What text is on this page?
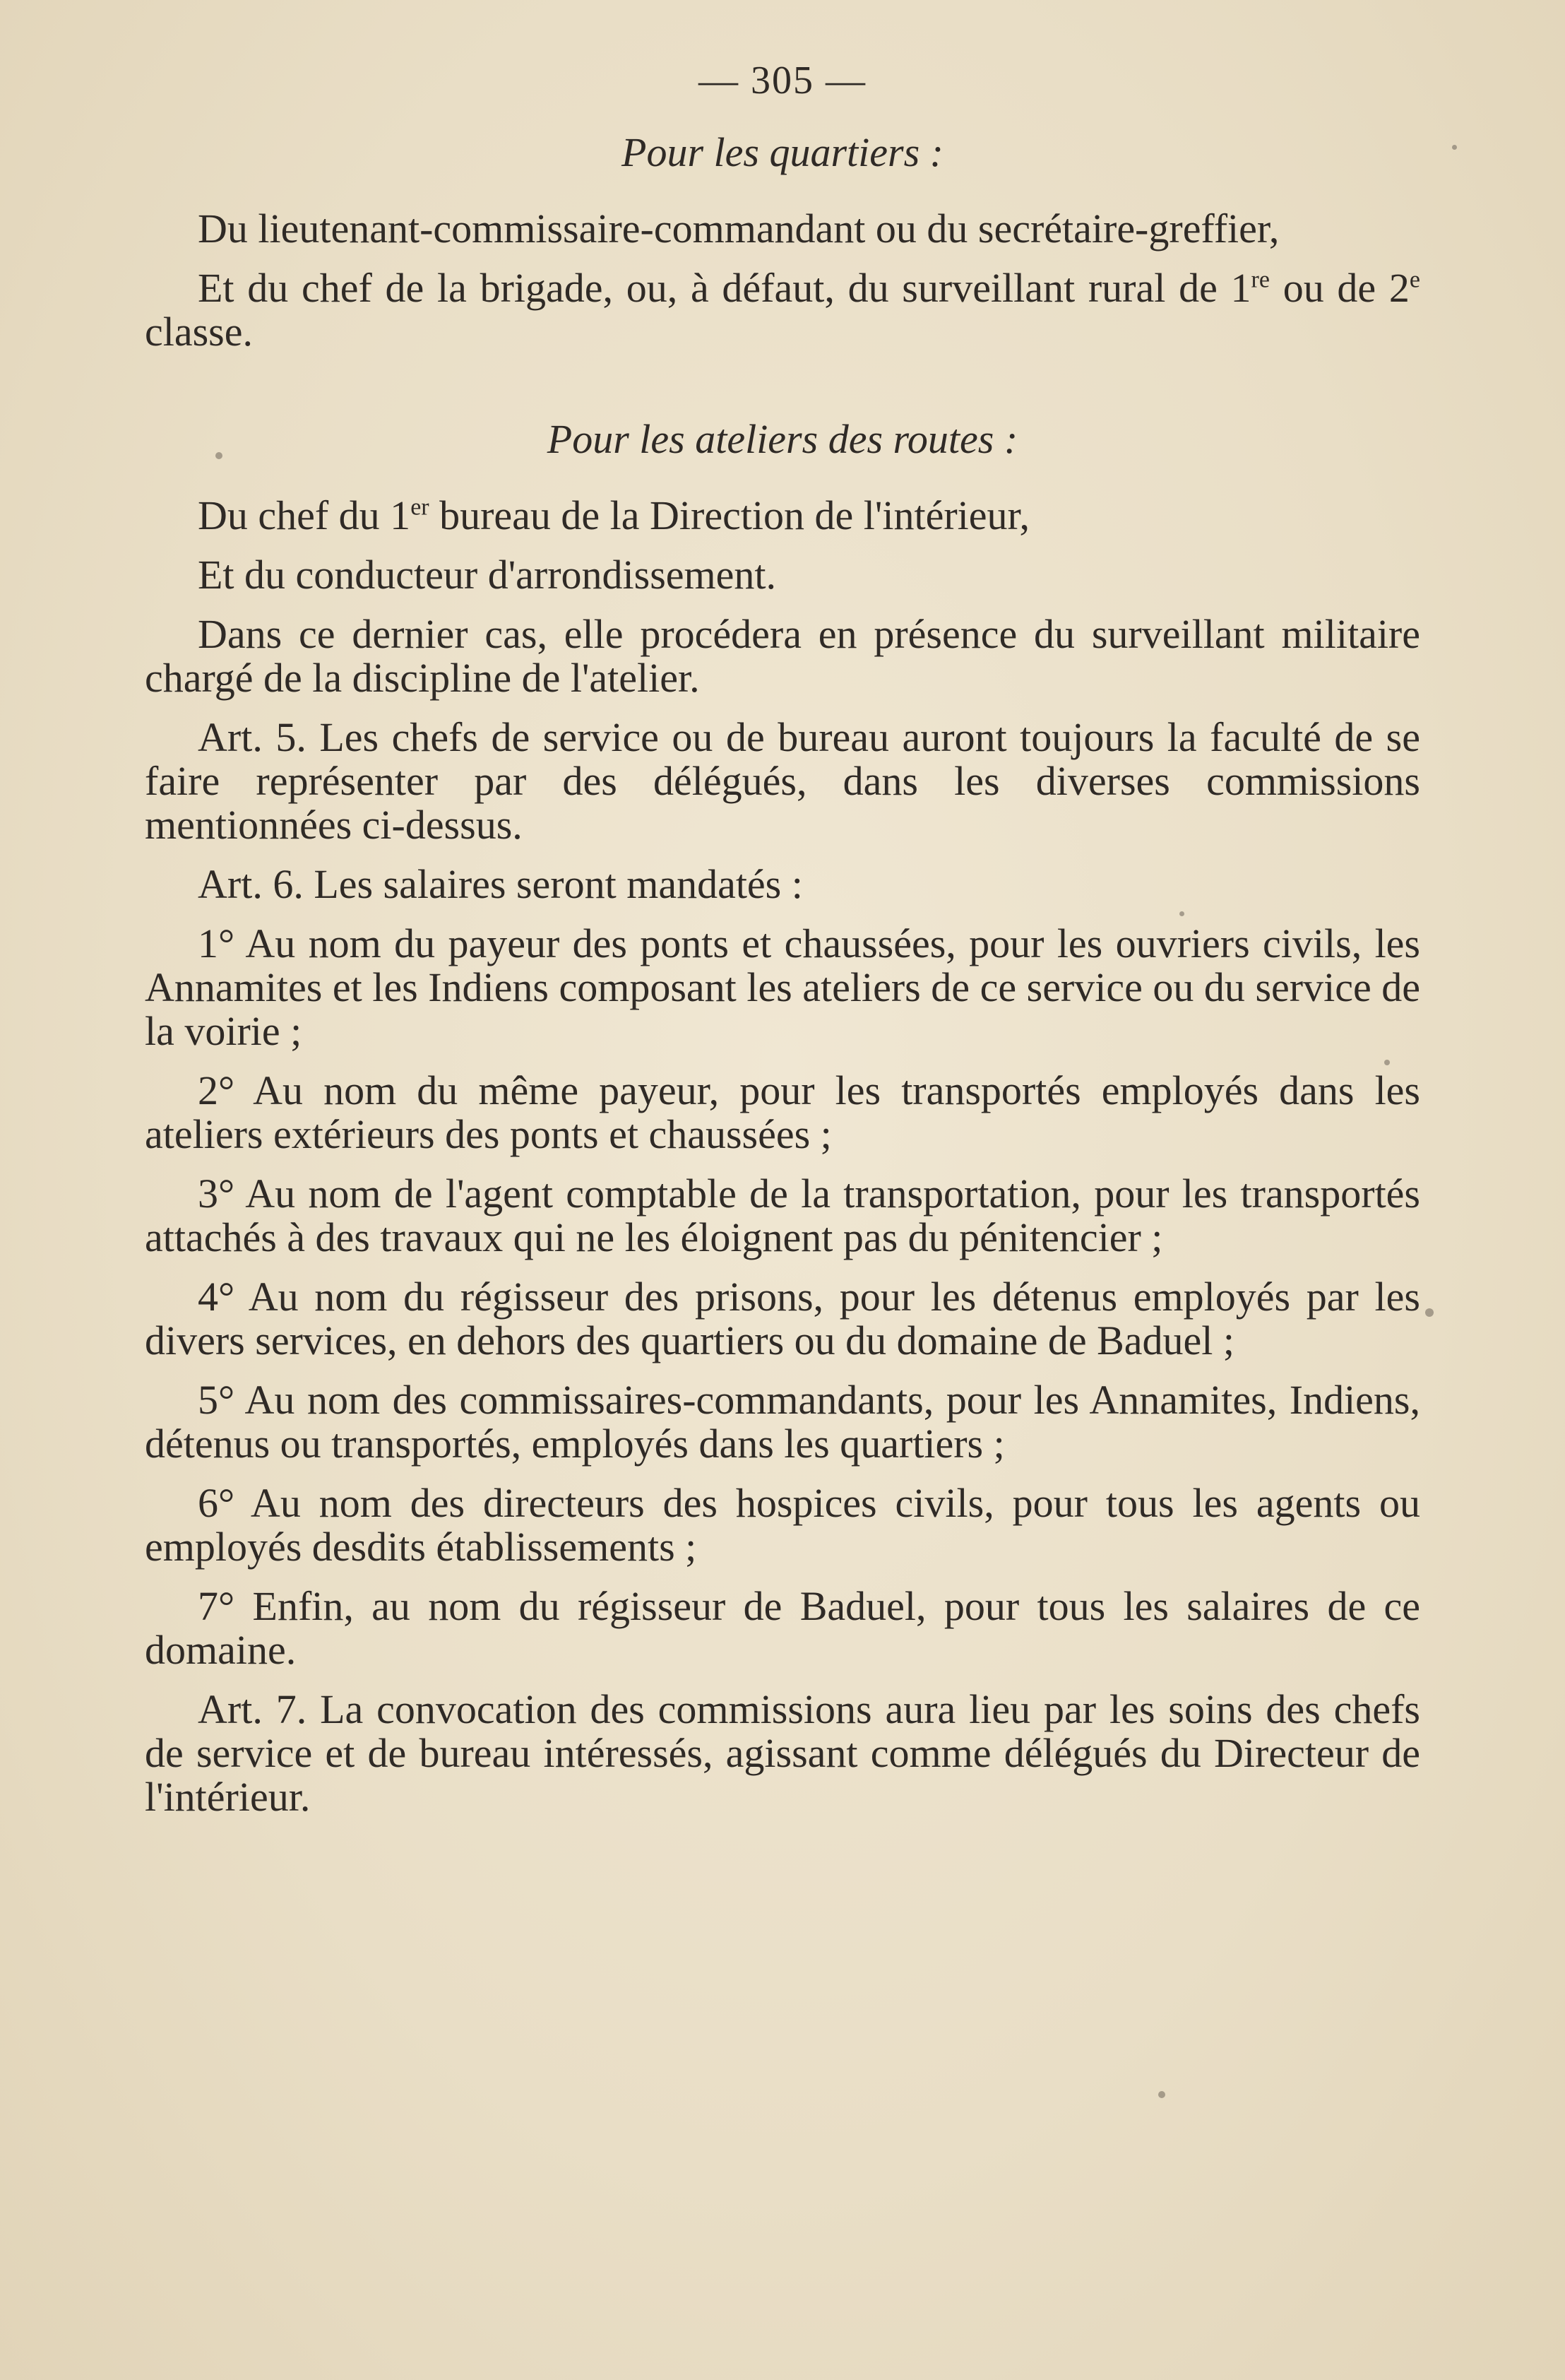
— 305 —

Pour les quartiers :

Du lieutenant-commissaire-commandant ou du secrétaire-greffier,

Et du chef de la brigade, ou, à défaut, du surveillant rural de 1re ou de 2e classe.

Pour les ateliers des routes :

Du chef du 1er bureau de la Direction de l'intérieur,

Et du conducteur d'arrondissement.

Dans ce dernier cas, elle procédera en présence du surveillant militaire chargé de la discipline de l'atelier.

Art. 5. Les chefs de service ou de bureau auront toujours la faculté de se faire représenter par des délégués, dans les diverses commissions mentionnées ci-dessus.

Art. 6. Les salaires seront mandatés :

1° Au nom du payeur des ponts et chaussées, pour les ouvriers civils, les Annamites et les Indiens composant les ateliers de ce service ou du service de la voirie ;

2° Au nom du même payeur, pour les transportés employés dans les ateliers extérieurs des ponts et chaussées ;

3° Au nom de l'agent comptable de la transportation, pour les transportés attachés à des travaux qui ne les éloignent pas du pénitencier ;

4° Au nom du régisseur des prisons, pour les détenus employés par les divers services, en dehors des quartiers ou du domaine de Baduel ;

5° Au nom des commissaires-commandants, pour les Annamites, Indiens, détenus ou transportés, employés dans les quartiers ;

6° Au nom des directeurs des hospices civils, pour tous les agents ou employés desdits établissements ;

7° Enfin, au nom du régisseur de Baduel, pour tous les salaires de ce domaine.

Art. 7. La convocation des commissions aura lieu par les soins des chefs de service et de bureau intéressés, agissant comme délégués du Directeur de l'intérieur.
